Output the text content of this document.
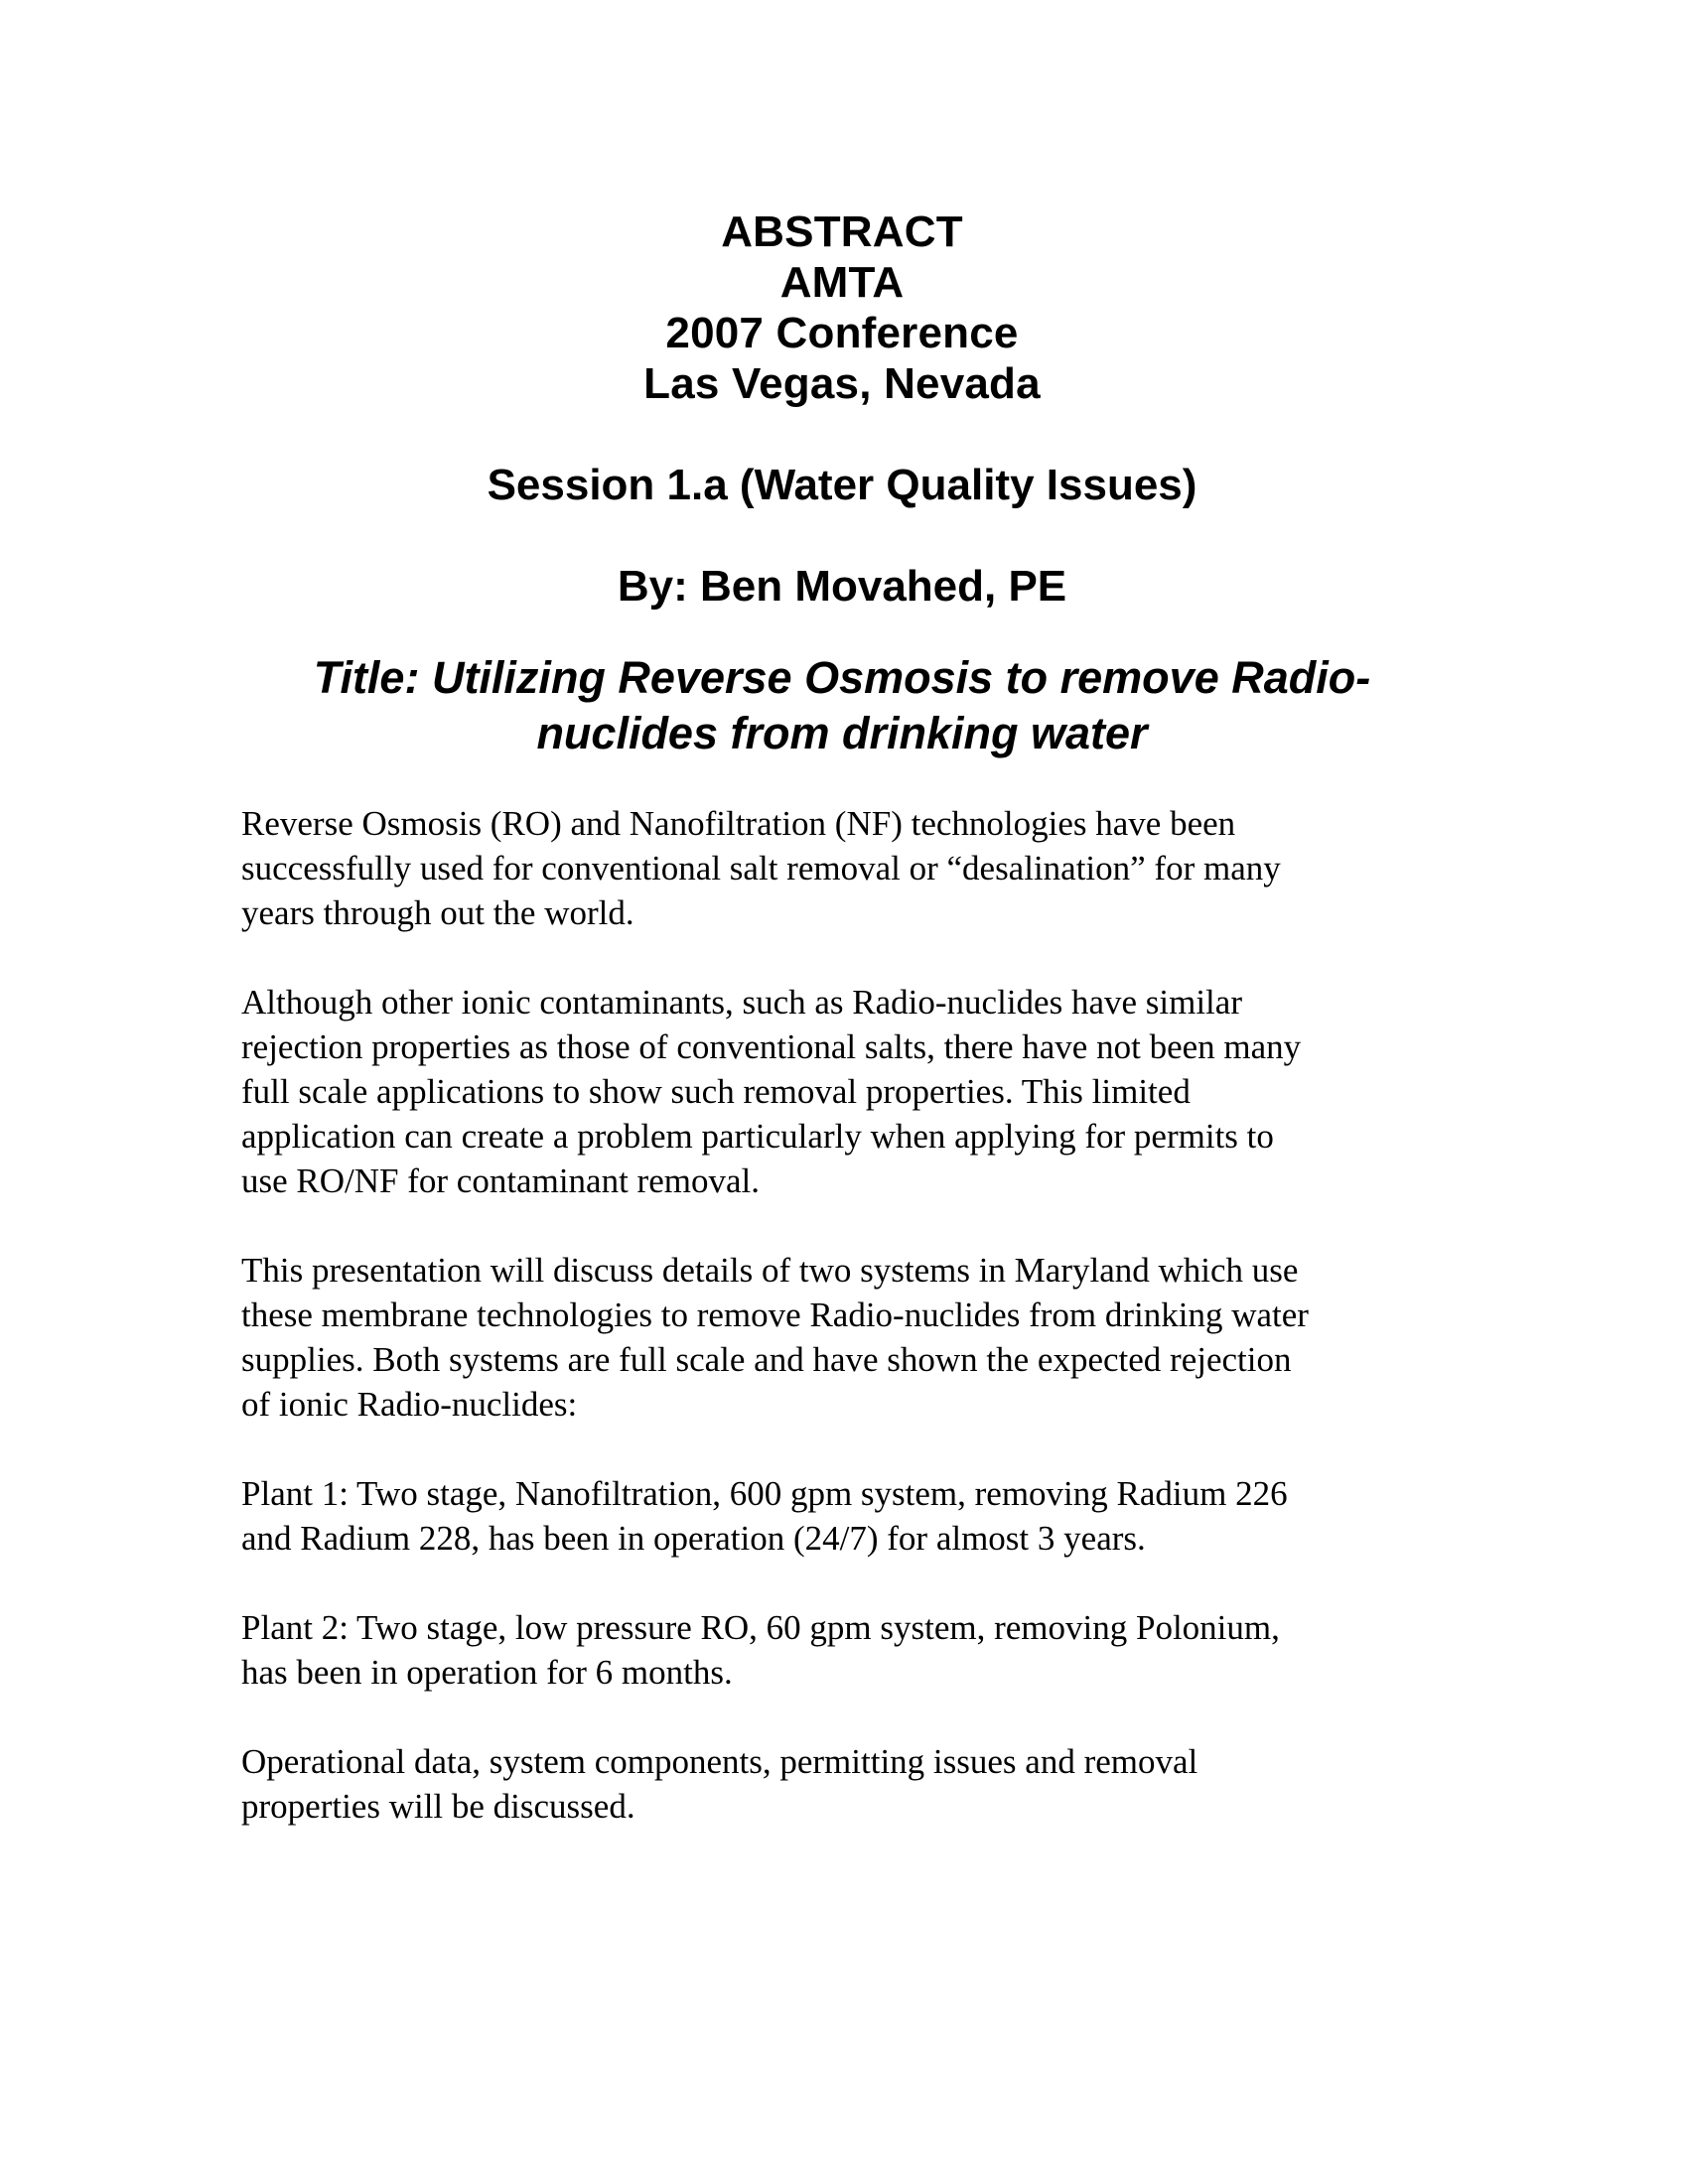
ABSTRACT
AMTA
2007 Conference
Las Vegas, Nevada
Session 1.a (Water Quality Issues)
By: Ben Movahed, PE
Title: Utilizing Reverse Osmosis to remove Radio-
nuclides from drinking water
Reverse Osmosis (RO) and Nanofiltration (NF) technologies have been
successfully used for conventional salt removal or “desalination” for many
years through out the world.
Although other ionic contaminants, such as Radio-nuclides have similar
rejection properties as those of conventional salts, there have not been many
full scale applications to show such removal properties. This limited
application can create a problem particularly when applying for permits to
use RO/NF for contaminant removal.
This presentation will discuss details of two systems in Maryland which use
these membrane technologies to remove Radio-nuclides from drinking water
supplies. Both systems are full scale and have shown the expected rejection
of ionic Radio-nuclides:
Plant 1: Two stage, Nanofiltration, 600 gpm system, removing Radium 226
and Radium 228, has been in operation (24/7) for almost 3 years.
Plant 2: Two stage, low pressure RO, 60 gpm system, removing Polonium,
has been in operation for 6 months.
Operational data, system components, permitting issues and removal
properties will be discussed.
